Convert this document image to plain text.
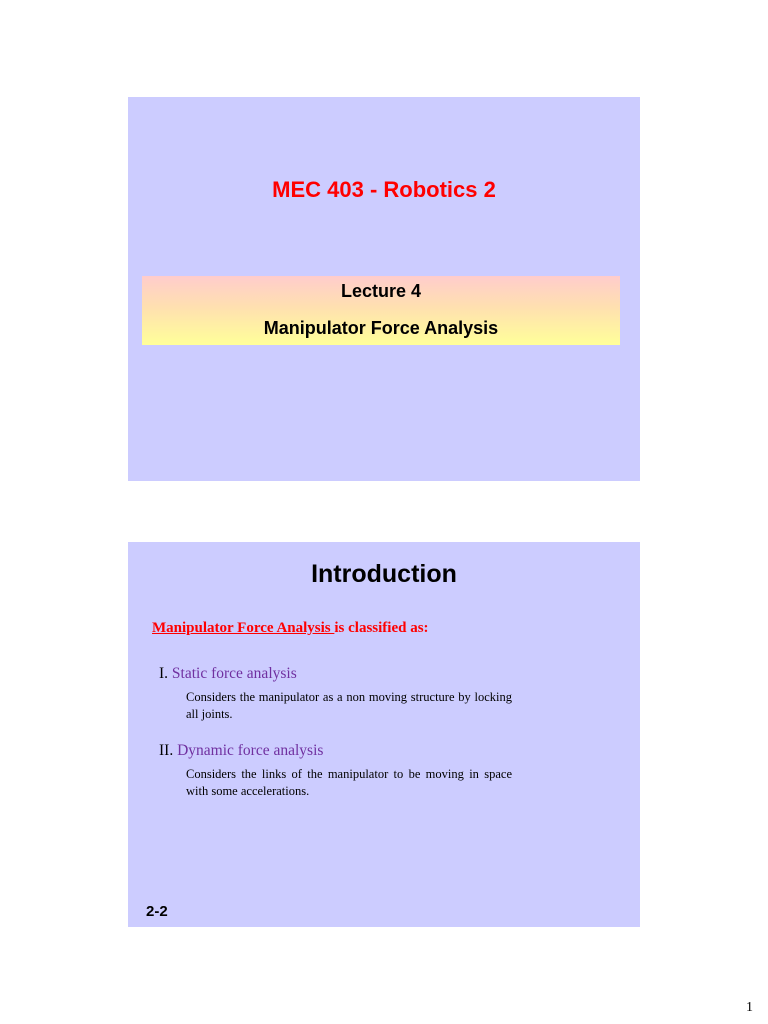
MEC 403 - Robotics 2
Lecture 4
Manipulator Force Analysis
Introduction
Manipulator Force Analysis is classified as:
I. Static force analysis
Considers the manipulator as a non moving structure by locking all joints.
II. Dynamic force analysis
Considers the links of the manipulator to be moving in space with some accelerations.
2-2
1
